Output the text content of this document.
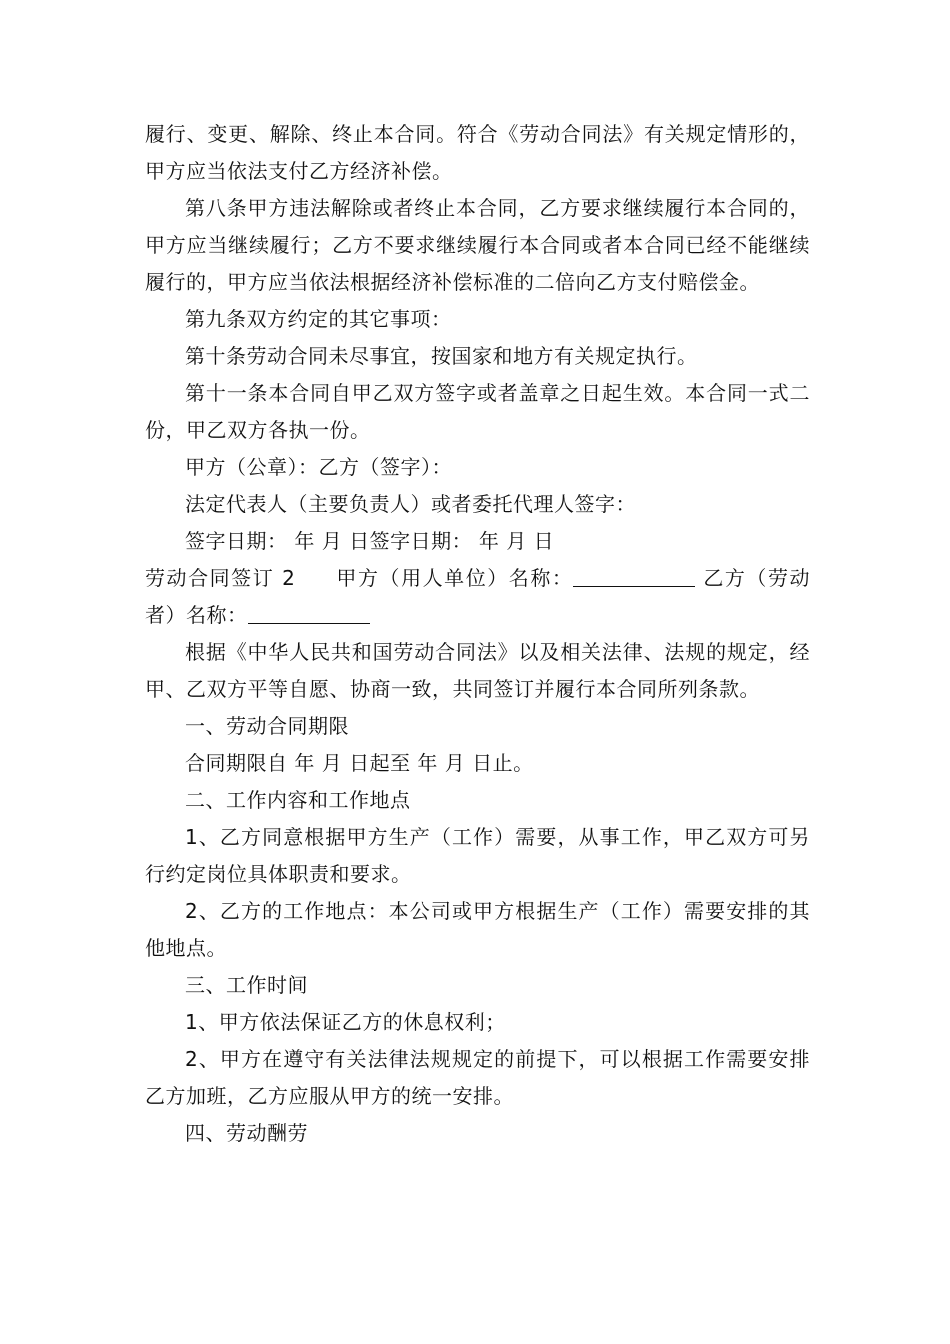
履行、变更、解除、终止本合同。符合《劳动合同法》有关规定情形的，甲方应当依法支付乙方经济补偿。

第八条甲方违法解除或者终止本合同，乙方要求继续履行本合同的，甲方应当继续履行；乙方不要求继续履行本合同或者本合同已经不能继续履行的，甲方应当依法根据经济补偿标准的二倍向乙方支付赔偿金。

第九条双方约定的其它事项：

第十条劳动合同未尽事宜，按国家和地方有关规定执行。

第十一条本合同自甲乙双方签字或者盖章之日起生效。本合同一式二份，甲乙双方各执一份。

甲方（公章）：乙方（签字）：

法定代表人（主要负责人）或者委托代理人签字：

签字日期： 年 月 日签字日期： 年 月 日

劳动合同签订 2 甲方（用人单位）名称：	乙方（劳动者）名称：

根据《中华人民共和国劳动合同法》以及相关法律、法规的规定，经甲、乙双方平等自愿、协商一致，共同签订并履行本合同所列条款。

一、劳动合同期限

合同期限自 年 月 日起至 年 月 日止。

二、工作内容和工作地点

1、乙方同意根据甲方生产（工作）需要，从事工作，甲乙双方可另行约定岗位具体职责和要求。

2、乙方的工作地点：本公司或甲方根据生产（工作）需要安排的其他地点。

三、工作时间

1、甲方依法保证乙方的休息权利；

2、甲方在遵守有关法律法规规定的前提下，可以根据工作需要安排乙方加班，乙方应服从甲方的统一安排。

四、劳动酬劳
